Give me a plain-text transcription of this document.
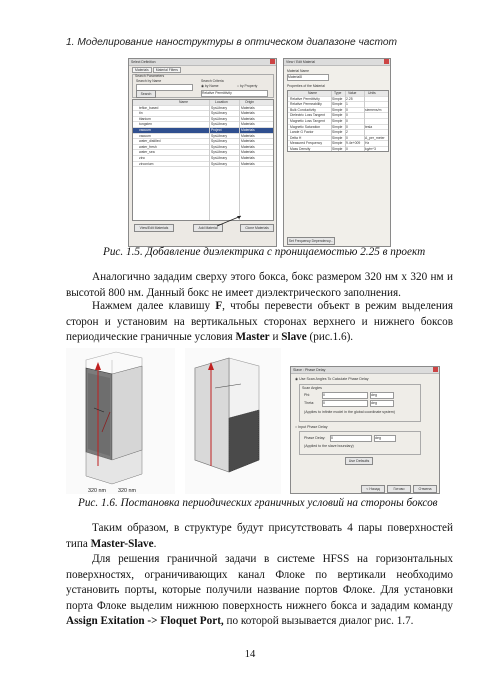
1. Моделирование наноструктуры в оптическом диапазоне частот
Select Definition
Materials Material Filters
Search Parameters
Search by Name
Search
Search Criteria
◉ by Name	○ by Property
Relative Permittivity
Name	Location	Origin
teflon_based	SysLibrary	Materials
tin	SysLibrary	Materials
titanium	SysLibrary	Materials
tungsten	SysLibrary	Materials
vacuum	Project	Materials
vacuum	SysLibrary	Materials
water_distilled	SysLibrary	Materials
water_fresh	SysLibrary	Materials
water_sea	SysLibrary	Materials
zinc	SysLibrary	Materials
zirconium	SysLibrary	Materials
View/Edit Materials	Add Material	Clone Materials
View / Edit Material
Material Name
Material8
Properties of the Material
Name	Type Value	Units
Relative Permittivity	Simple 2.25
Relative Permeability	Simple 1
Bulk Conductivity	Simple 0	siemens/m
Dielectric Loss Tangent Simple 0
Magnetic Loss Tangent Simple 0
Magnetic Saturation	Simple 0	tesla
Lande G Factor	Simple 2
Delta H	Simple 0	A_per_meter
Measured Frequency	Simple 9.4e+009 Hz
Mass Density	Simple 0	kg/m^3
Set Frequency Dependency...
Рис. 1.5. Добавление диэлектрика с проницаемостью 2.25 в проект

Аналогично зададим сверху этого бокса, бокс размером 320 нм х 320 нм и высотой 800 нм. Данный бокс не имеет диэлектрического заполнения.

Нажмем далее клавишу F, чтобы перевести объект в режим выделения сторон и установим на вертикальных сторонах верхнего и нижнего боксов периодические граничные условия Master и Slave (рис.1.6).

320 nm 320 nm
Slave : Phase Delay
◉ Use Scan Angles To Calculate Phase Delay
Scan Angles
Phi:	0	deg
Theta: 0	deg
(Applies to infinite model in the global coordinate system)
○ Input Phase Delay
Phase Delay: 0	deg
(Applied to the slave boundary)
Use Defaults
< Назад	Готово	Отмена
Рис. 1.6. Постановка периодических граничных условий на стороны боксов

Таким образом, в структуре будут присутствовать 4 пары поверхностей типа Master-Slave.

Для решения граничной задачи в системе HFSS на горизонтальных поверхностях, ограничивающих канал Флоке по вертикали необходимо установить порты, которые получили название портов Флоке. Для установки порта Флоке выделим нижнюю поверхность нижнего бокса и зададим команду Assign Exitation -> Floquet Port, по которой вызывается диалог рис. 1.7.

14
